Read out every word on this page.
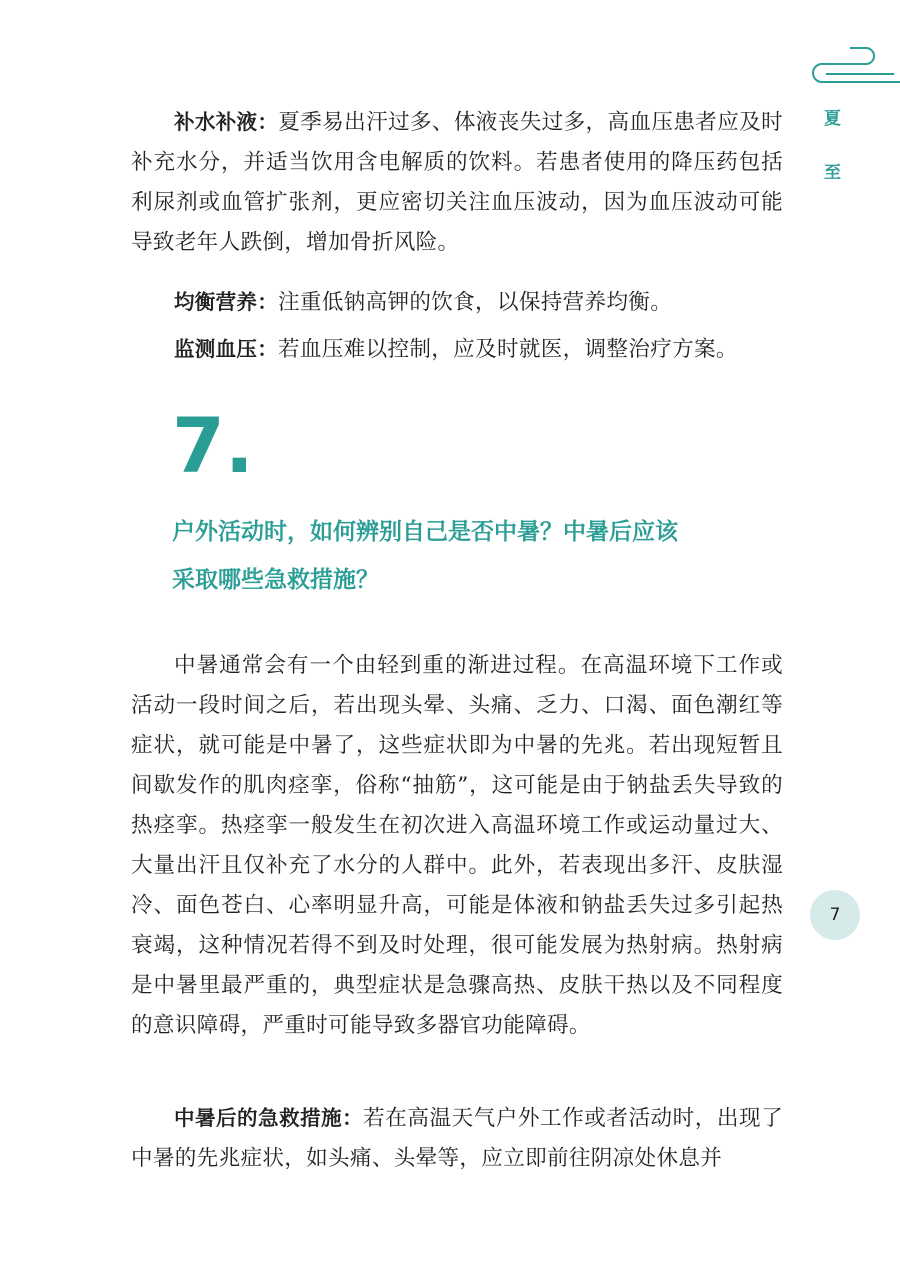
夏
至
补水补液：夏季易出汗过多、体液丧失过多，高血压患者应及时补充水分，并适当饮用含电解质的饮料。若患者使用的降压药包括利尿剂或血管扩张剂，更应密切关注血压波动，因为血压波动可能导致老年人跌倒，增加骨折风险。
均衡营养：注重低钠高钾的饮食，以保持营养均衡。
监测血压：若血压难以控制，应及时就医，调整治疗方案。
7.
户外活动时，如何辨别自己是否中暑？中暑后应该
采取哪些急救措施？
中暑通常会有一个由轻到重的渐进过程。在高温环境下工作或活动一段时间之后，若出现头晕、头痛、乏力、口渴、面色潮红等症状，就可能是中暑了，这些症状即为中暑的先兆。若出现短暂且间歇发作的肌肉痉挛，俗称“抽筋”，这可能是由于钠盐丢失导致的热痉挛。热痉挛一般发生在初次进入高温环境工作或运动量过大、大量出汗且仅补充了水分的人群中。此外，若表现出多汗、皮肤湿冷、面色苍白、心率明显升高，可能是体液和钠盐丢失过多引起热衰竭，这种情况若得不到及时处理，很可能发展为热射病。热射病是中暑里最严重的，典型症状是急骤高热、皮肤干热以及不同程度的意识障碍，严重时可能导致多器官功能障碍。
中暑后的急救措施：若在高温天气户外工作或者活动时，出现了中暑的先兆症状，如头痛、头晕等，应立即前往阴凉处休息并
7
